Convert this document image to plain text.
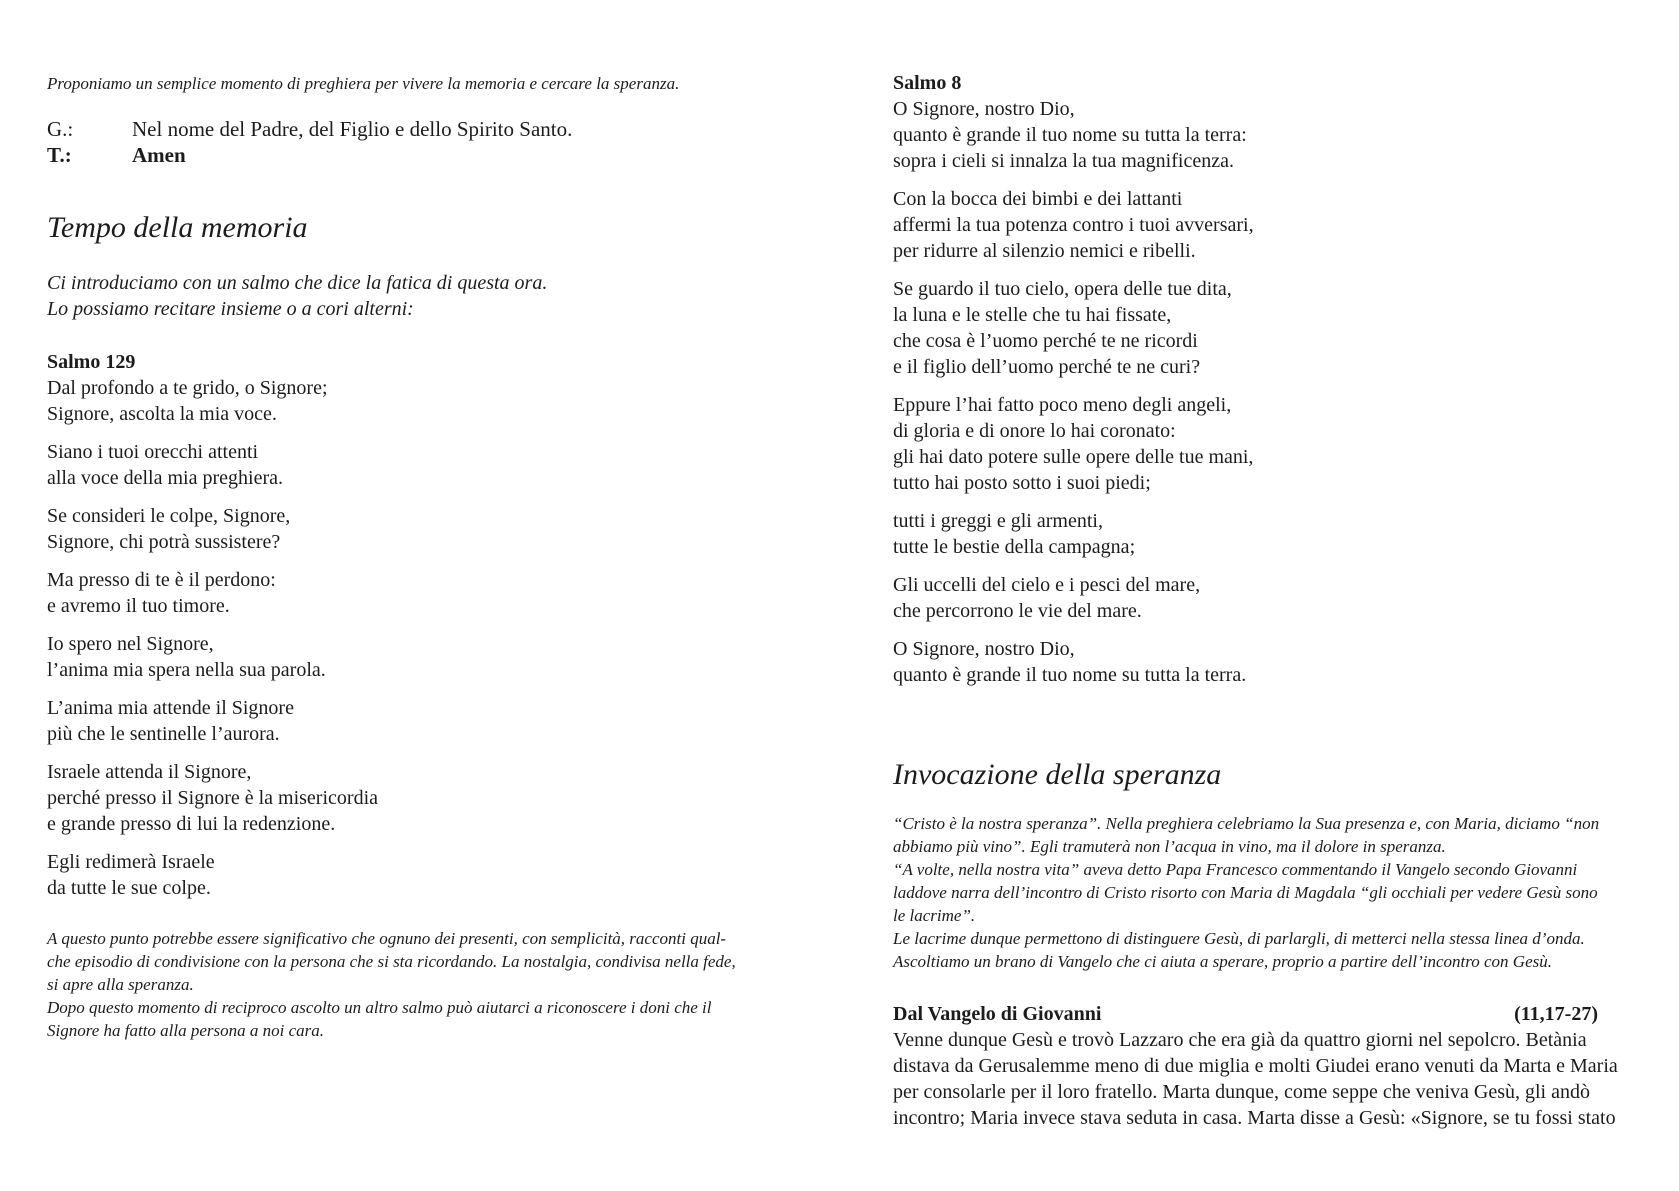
Proponiamo un semplice momento di preghiera per vivere la memoria e cercare la speranza.

G.:	Nel nome del Padre, del Figlio e dello Spirito Santo.
T.:	Amen
Tempo della memoria
Ci introduciamo con un salmo che dice la fatica di questa ora.
Lo possiamo recitare insieme o a cori alterni:
Salmo 129
Dal profondo a te grido, o Signore;
Signore, ascolta la mia voce.
Siano i tuoi orecchi attenti
alla voce della mia preghiera.
Se consideri le colpe, Signore,
Signore, chi potrà sussistere?
Ma presso di te è il perdono:
e avremo il tuo timore.
Io spero nel Signore,
l’anima mia spera nella sua parola.
L’anima mia attende il Signore
più che le sentinelle l’aurora.
Israele attenda il Signore,
perché presso il Signore è la misericordia
e grande presso di lui la redenzione.
Egli redimerà Israele
da tutte le sue colpe.
A questo punto potrebbe essere significativo che ognuno dei presenti, con semplicità, racconti qual-
che episodio di condivisione con la persona che si sta ricordando. La nostalgia, condivisa nella fede,
si apre alla speranza.
Dopo questo momento di reciproco ascolto un altro salmo può aiutarci a riconoscere i doni che il
Signore ha fatto alla persona a noi cara.
Salmo 8
O Signore, nostro Dio,
quanto è grande il tuo nome su tutta la terra:
sopra i cieli si innalza la tua magnificenza.
Con la bocca dei bimbi e dei lattanti
affermi la tua potenza contro i tuoi avversari,
per ridurre al silenzio nemici e ribelli.
Se guardo il tuo cielo, opera delle tue dita,
la luna e le stelle che tu hai fissate,
che cosa è l’uomo perché te ne ricordi
e il figlio dell’uomo perché te ne curi?
Eppure l’hai fatto poco meno degli angeli,
di gloria e di onore lo hai coronato:
gli hai dato potere sulle opere delle tue mani,
tutto hai posto sotto i suoi piedi;
tutti i greggi e gli armenti,
tutte le bestie della campagna;
Gli uccelli del cielo e i pesci del mare,
che percorrono le vie del mare.
O Signore, nostro Dio,
quanto è grande il tuo nome su tutta la terra.
Invocazione della speranza
“Cristo è la nostra speranza”. Nella preghiera celebriamo la Sua presenza e, con Maria, diciamo “non
abbiamo più vino”. Egli tramuterà non l’acqua in vino, ma il dolore in speranza.
“A volte, nella nostra vita” aveva detto Papa Francesco commentando il Vangelo secondo Giovanni
laddove narra dell’incontro di Cristo risorto con Maria di Magdala “gli occhiali per vedere Gesù sono
le lacrime”.
Le lacrime dunque permettono di distinguere Gesù, di parlargli, di metterci nella stessa linea d’onda.
Ascoltiamo un brano di Vangelo che ci aiuta a sperare, proprio a partire dell’incontro con Gesù.
Dal Vangelo di Giovanni	(11,17-27)
Venne dunque Gesù e trovò Lazzaro che era già da quattro giorni nel sepolcro. Betània
distava da Gerusalemme meno di due miglia e molti Giudei erano venuti da Marta e Maria
per consolarle per il loro fratello. Marta dunque, come seppe che veniva Gesù, gli andò
incontro; Maria invece stava seduta in casa. Marta disse a Gesù: «Signore, se tu fossi stato
